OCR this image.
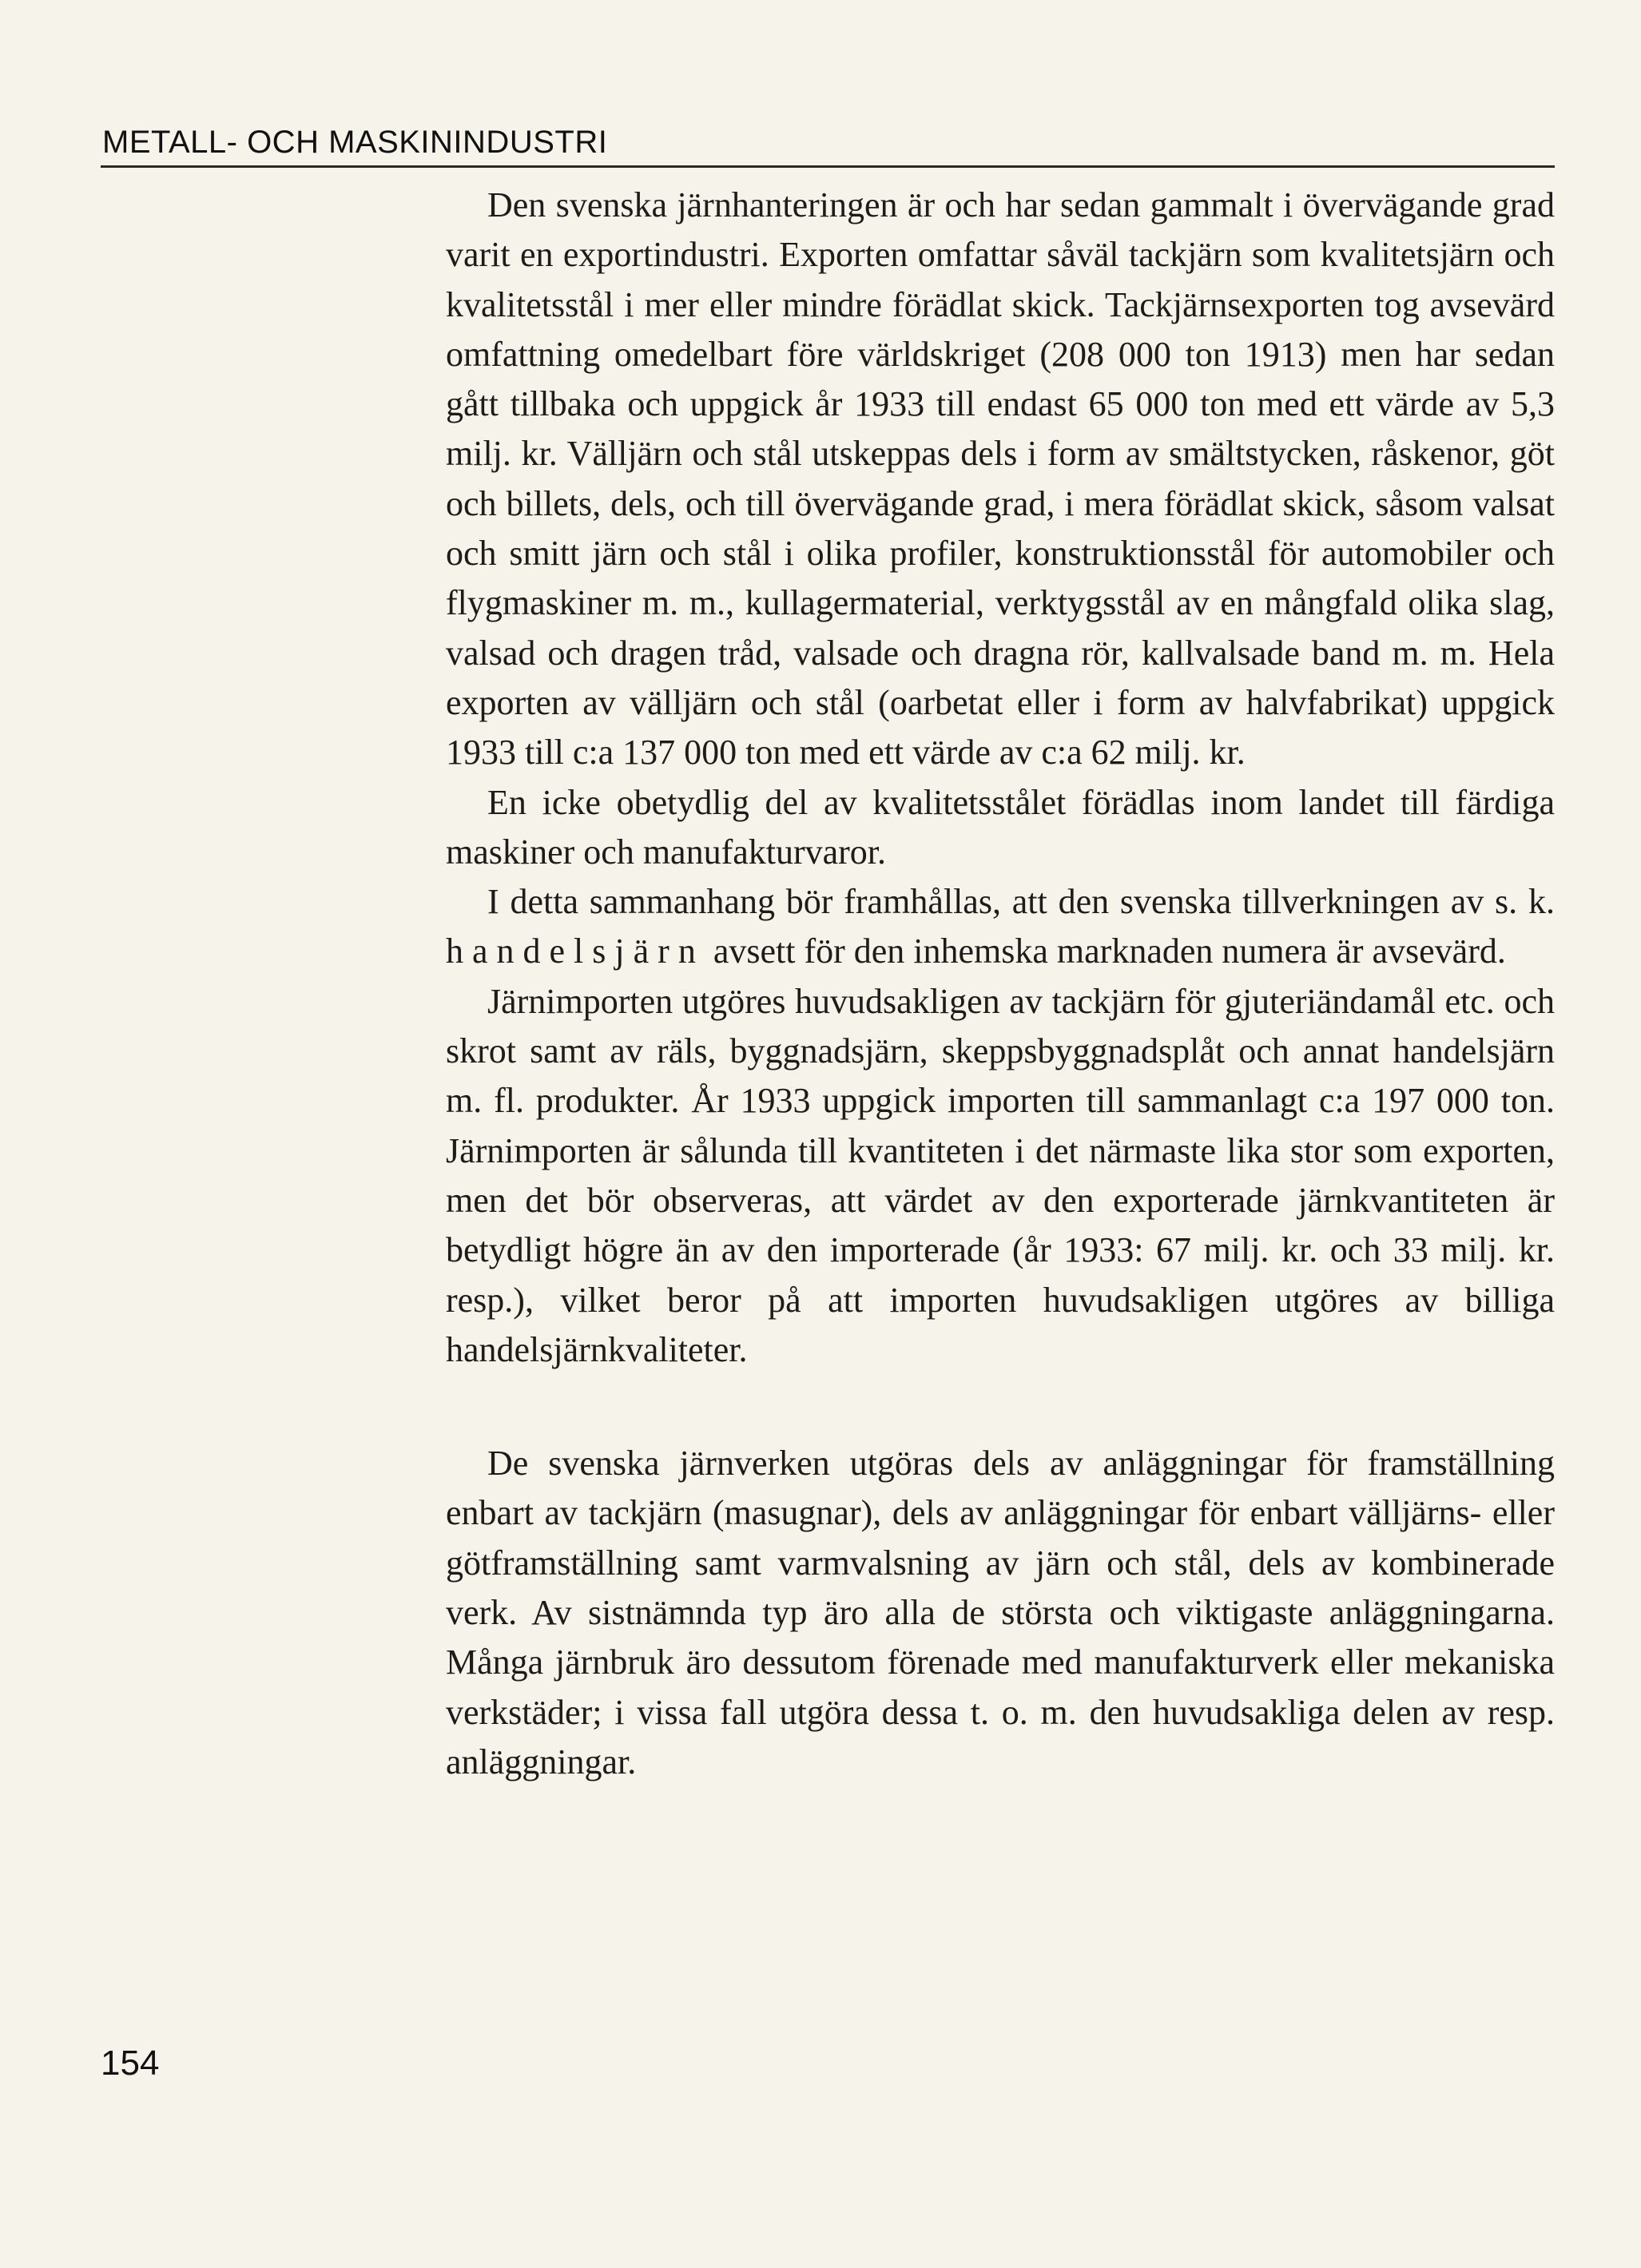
METALL- OCH MASKININDUSTRI

Den svenska järnhanteringen är och har sedan gammalt i övervägande grad varit en exportindustri. Exporten omfattar såväl tackjärn som kvalitetsjärn och kvalitetsstål i mer eller mindre förädlat skick. Tackjärnsexporten tog avsevärd omfattning omedelbart före världskriget (208 000 ton 1913) men har sedan gått tillbaka och uppgick år 1933 till endast 65 000 ton med ett värde av 5,3 milj. kr. Välljärn och stål utskeppas dels i form av smältstycken, råskenor, göt och billets, dels, och till övervägande grad, i mera förädlat skick, såsom valsat och smitt järn och stål i olika profiler, konstruktionsstål för automobiler och flygmaskiner m. m., kullagermaterial, verktygsstål av en mångfald olika slag, valsad och dragen tråd, valsade och dragna rör, kallvalsade band m. m. Hela exporten av välljärn och stål (oarbetat eller i form av halvfabrikat) uppgick 1933 till c:a 137 000 ton med ett värde av c:a 62 milj. kr.

En icke obetydlig del av kvalitetsstålet förädlas inom landet till färdiga maskiner och manufakturvaror.

I detta sammanhang bör framhållas, att den svenska tillverkningen av s. k. handelsjärn avsett för den inhemska marknaden numera är avsevärd.

Järnimporten utgöres huvudsakligen av tackjärn för gjuteriändamål etc. och skrot samt av räls, byggnadsjärn, skeppsbyggnadsplåt och annat handelsjärn m. fl. produkter. År 1933 uppgick importen till sammanlagt c:a 197 000 ton. Järnimporten är sålunda till kvantiteten i det närmaste lika stor som exporten, men det bör observeras, att värdet av den exporterade järnkvantiteten är betydligt högre än av den importerade (år 1933: 67 milj. kr. och 33 milj. kr. resp.), vilket beror på att importen huvudsakligen utgöres av billiga handelsjärnkvaliteter.

De svenska järnverken utgöras dels av anläggningar för framställning enbart av tackjärn (masugnar), dels av anläggningar för enbart välljärns- eller götframställning samt varmvalsning av järn och stål, dels av kombinerade verk. Av sistnämnda typ äro alla de största och viktigaste anläggningarna. Många järnbruk äro dessutom förenade med manufakturverk eller mekaniska verkstäder; i vissa fall utgöra dessa t. o. m. den huvudsakliga delen av resp. anläggningar.

154
